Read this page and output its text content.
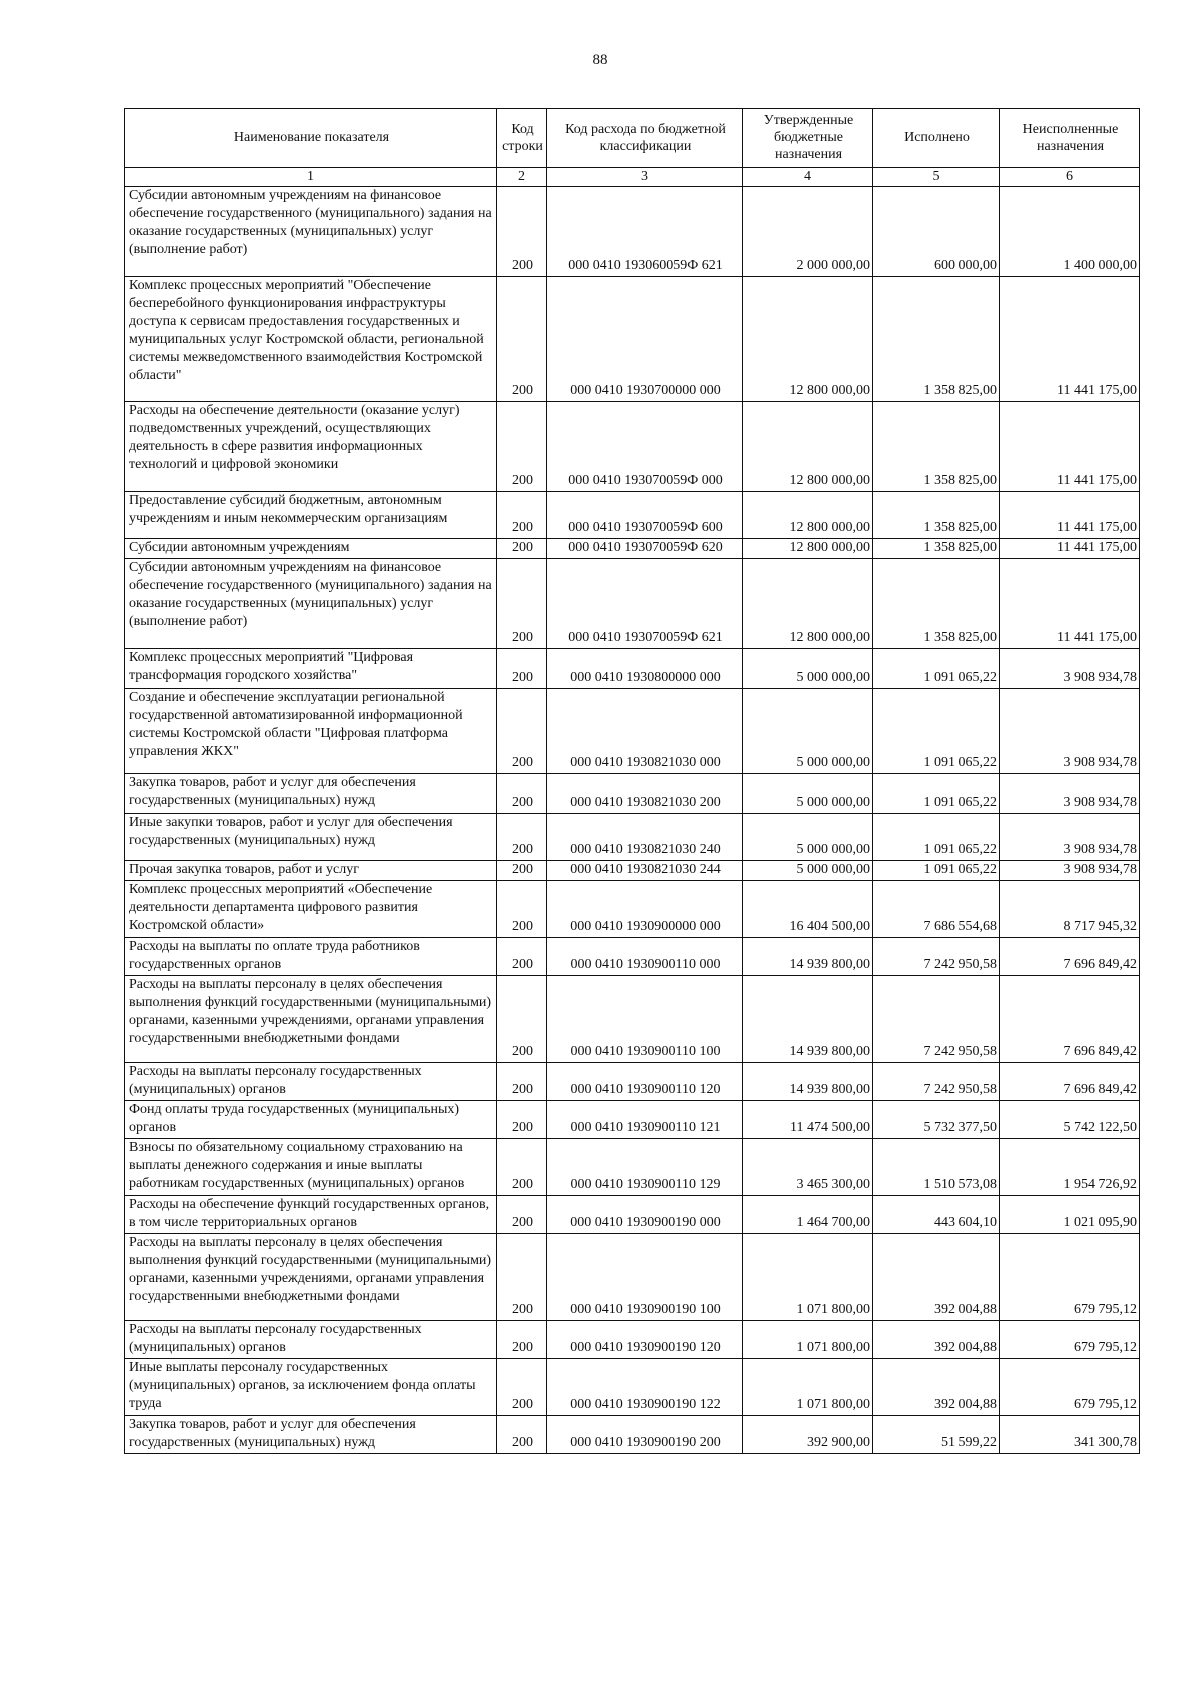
88
Наименование показателя	Код строки	Код расхода по бюджетной классификации	Утвержденные бюджетные назначения	Исполнено	Неисполненные назначения
1	2	3	4	5	6
Субсидии автономным учреждениям на финансовое обеспечение государственного (муниципального) задания на оказание государственных (муниципальных) услуг (выполнение работ)	200	000 0410 193060059Ф 621	2 000 000,00	600 000,00	1 400 000,00
Комплекс процессных мероприятий "Обеспечение бесперебойного функционирования инфраструктуры доступа к сервисам предоставления государственных и муниципальных услуг Костромской области, региональной системы межведомственного взаимодействия Костромской области"	200	000 0410 1930700000 000	12 800 000,00	1 358 825,00	11 441 175,00
Расходы на обеспечение деятельности (оказание услуг) подведомственных учреждений, осуществляющих деятельность в сфере развития информационных технологий и цифровой экономики	200	000 0410 193070059Ф 000	12 800 000,00	1 358 825,00	11 441 175,00
Предоставление субсидий бюджетным, автономным учреждениям и иным некоммерческим организациям	200	000 0410 193070059Ф 600	12 800 000,00	1 358 825,00	11 441 175,00
Субсидии автономным учреждениям	200	000 0410 193070059Ф 620	12 800 000,00	1 358 825,00	11 441 175,00
Субсидии автономным учреждениям на финансовое обеспечение государственного (муниципального) задания на оказание государственных (муниципальных) услуг (выполнение работ)	200	000 0410 193070059Ф 621	12 800 000,00	1 358 825,00	11 441 175,00
Комплекс процессных мероприятий "Цифровая трансформация городского хозяйства"	200	000 0410 1930800000 000	5 000 000,00	1 091 065,22	3 908 934,78
Создание и обеспечение эксплуатации региональной государственной автоматизированной информационной системы Костромской области "Цифровая платформа управления ЖКХ"	200	000 0410 1930821030 000	5 000 000,00	1 091 065,22	3 908 934,78
Закупка товаров, работ и услуг для обеспечения государственных (муниципальных) нужд	200	000 0410 1930821030 200	5 000 000,00	1 091 065,22	3 908 934,78
Иные закупки товаров, работ и услуг для обеспечения государственных (муниципальных) нужд	200	000 0410 1930821030 240	5 000 000,00	1 091 065,22	3 908 934,78
Прочая закупка товаров, работ и услуг	200	000 0410 1930821030 244	5 000 000,00	1 091 065,22	3 908 934,78
Комплекс процессных мероприятий «Обеспечение деятельности департамента цифрового развития Костромской области»	200	000 0410 1930900000 000	16 404 500,00	7 686 554,68	8 717 945,32
Расходы на выплаты по оплате труда работников государственных органов	200	000 0410 1930900110 000	14 939 800,00	7 242 950,58	7 696 849,42
Расходы на выплаты персоналу в целях обеспечения выполнения функций государственными (муниципальными) органами, казенными учреждениями, органами управления государственными внебюджетными фондами	200	000 0410 1930900110 100	14 939 800,00	7 242 950,58	7 696 849,42
Расходы на выплаты персоналу государственных (муниципальных) органов	200	000 0410 1930900110 120	14 939 800,00	7 242 950,58	7 696 849,42
Фонд оплаты труда государственных (муниципальных) органов	200	000 0410 1930900110 121	11 474 500,00	5 732 377,50	5 742 122,50
Взносы по обязательному социальному страхованию на выплаты денежного содержания и иные выплаты работникам государственных (муниципальных) органов	200	000 0410 1930900110 129	3 465 300,00	1 510 573,08	1 954 726,92
Расходы на обеспечение функций государственных органов, в том числе территориальных органов	200	000 0410 1930900190 000	1 464 700,00	443 604,10	1 021 095,90
Расходы на выплаты персоналу в целях обеспечения выполнения функций государственными (муниципальными) органами, казенными учреждениями, органами управления государственными внебюджетными фондами	200	000 0410 1930900190 100	1 071 800,00	392 004,88	679 795,12
Расходы на выплаты персоналу государственных (муниципальных) органов	200	000 0410 1930900190 120	1 071 800,00	392 004,88	679 795,12
Иные выплаты персоналу государственных (муниципальных) органов, за исключением фонда оплаты труда	200	000 0410 1930900190 122	1 071 800,00	392 004,88	679 795,12
Закупка товаров, работ и услуг для обеспечения государственных (муниципальных) нужд	200	000 0410 1930900190 200	392 900,00	51 599,22	341 300,78
